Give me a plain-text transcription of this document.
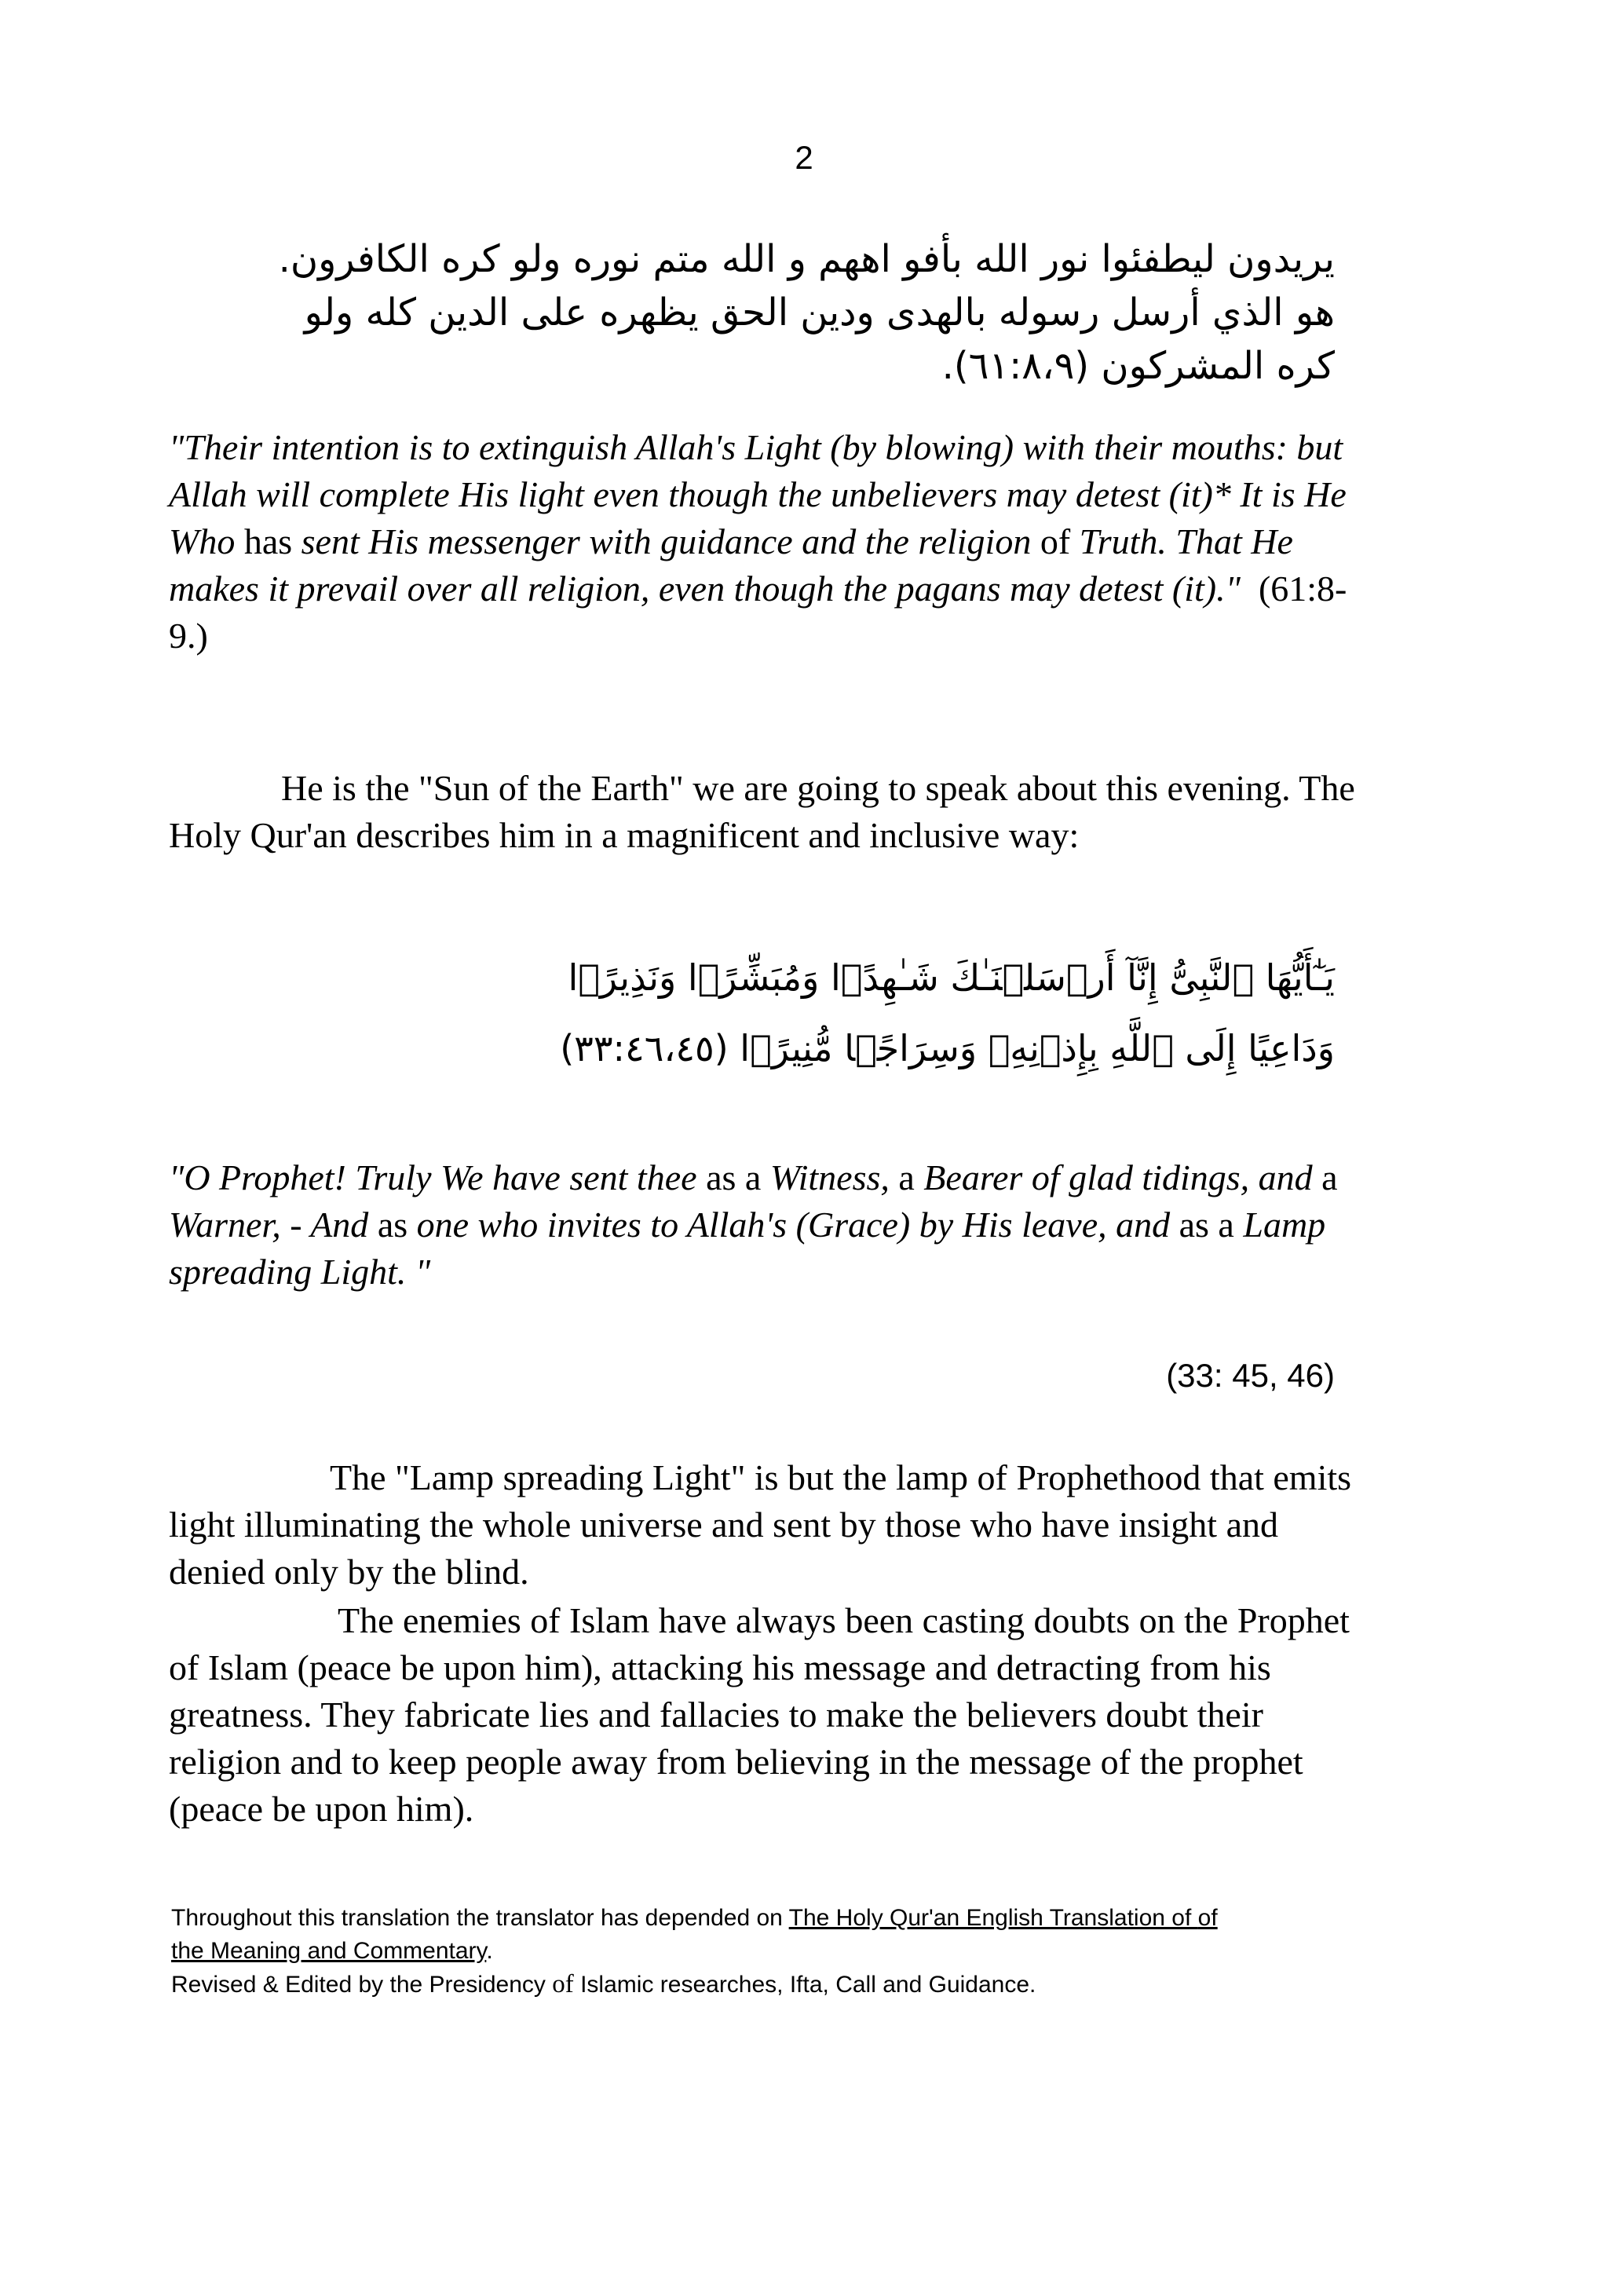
2
يريدون ليطفئوا نور الله بأفو اههم و الله متم نوره ولو كره الكافرون.
هو الذي أرسل رسوله بالهدى ودين الحق يظهره على الدين كله ولو
كره المشركون (٦١:٨،٩).
"Their intention is to extinguish Allah's Light (by blowing) with their mouths: but
Allah will complete His light even though the unbelievers may detest (it)* It is He
Who has sent His messenger with guidance and the religion of Truth. That He
makes it prevail over all religion, even though the pagans may detest (it)."  (61:8-
9.)
He is the "Sun of the Earth" we are going to speak about this evening. The
Holy Qur'an describes him in a magnificent and inclusive way:
يَـٰٓأَيُّهَا ٱلنَّبِىُّ إِنَّآ أَرۡسَلۡنَـٰكَ شَـٰهِدً۬ا وَمُبَشِّرً۬ا وَنَذِيرً۬ا
وَدَاعِيًا إِلَى ٱللَّهِ بِإِذۡنِهِۦ وَسِرَاجً۬ا مُّنِيرً۬ا (٣٣:٤٦،٤٥)
"O Prophet! Truly We have sent thee as a Witness, a Bearer of glad tidings, and a
Warner, - And as one who invites to Allah's (Grace) by His leave, and as a Lamp
spreading Light. "
(33: 45, 46)
The "Lamp spreading Light" is but the lamp of Prophethood that emits
light illuminating the whole universe and sent by those who have insight and
denied only by the blind.
The enemies of Islam have always been casting doubts on the Prophet
of Islam (peace be upon him), attacking his message and detracting from his
greatness. They fabricate lies and fallacies to make the believers doubt their
religion and to keep people away from believing in the message of the prophet
(peace be upon him).
Throughout this translation the translator has depended on The Holy Qur'an English Translation of of
the Meaning and Commentary.
Revised & Edited by the Presidency of Islamic researches, Ifta, Call and Guidance.
